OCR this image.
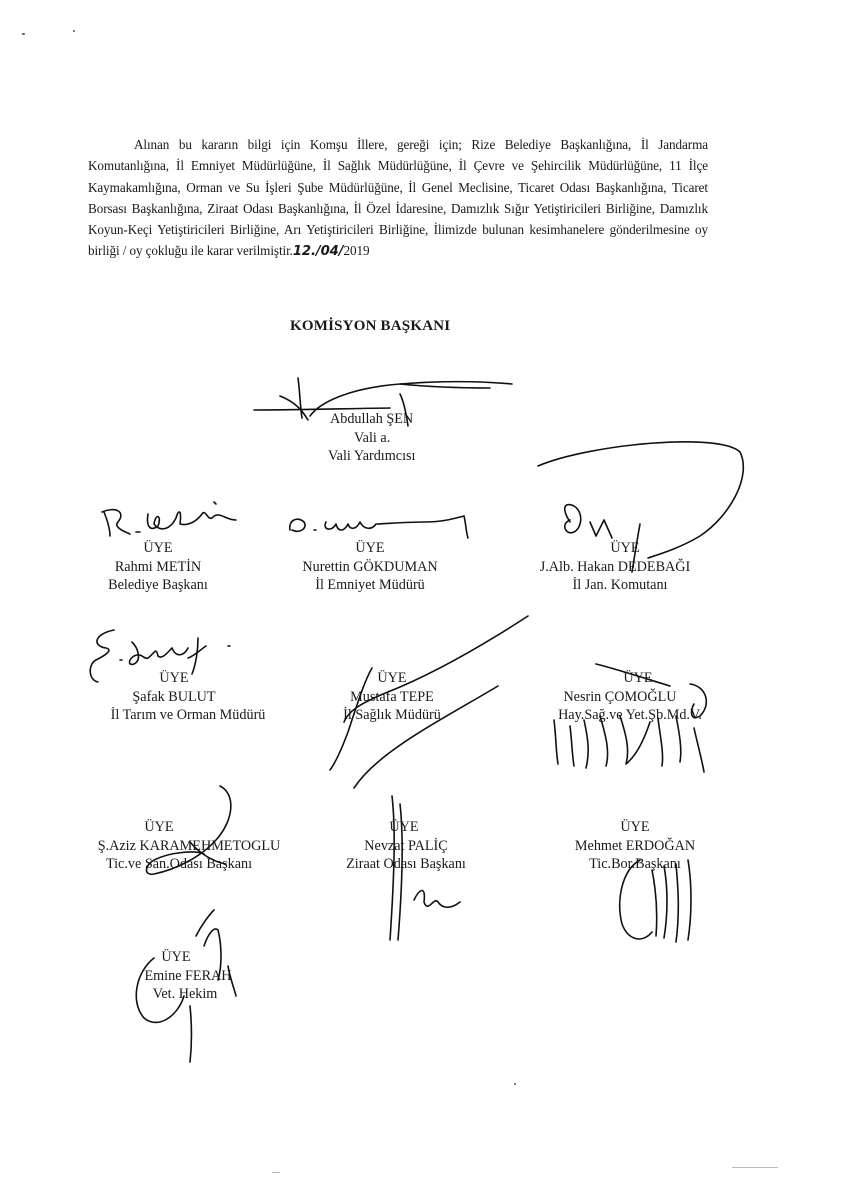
Alınan bu kararın bilgi için Komşu İllere, gereği için; Rize Belediye Başkanlığına, İl Jandarma Komutanlığına, İl Emniyet Müdürlüğüne, İl Sağlık Müdürlüğüne, İl Çevre ve Şehircilik Müdürlüğüne, 11 İlçe Kaymakamlığına, Orman ve Su İşleri Şube Müdürlüğüne, İl Genel Meclisine, Ticaret Odası Başkanlığına, Ticaret Borsası Başkanlığına, Ziraat Odası Başkanlığına, İl Özel İdaresine, Damızlık Sığır Yetiştiricileri Birliğine, Damızlık Koyun-Keçi Yetiştiricileri Birliğine, Arı Yetiştiricileri Birliğine, İlimizde bulunan kesimhanelere gönderilmesine oy birliği / oy çokluğu ile karar verilmiştir.12./04/2019
KOMİSYON BAŞKANI
Abdullah ŞEN
Vali a.
Vali Yardımcısı
ÜYE
Rahmi METİN
Belediye Başkanı
ÜYE
Nurettin GÖKDUMAN
İl Emniyet Müdürü
ÜYE
J.Alb. Hakan DEDEBAĞI
İl Jan. Komutanı
ÜYE
Şafak BULUT
İl Tarım ve Orman Müdürü
ÜYE
Mustafa TEPE
İl Sağlık Müdürü
ÜYE
Nesrin ÇOMOĞLU
Hay.Sağ.ve Yet.Şb.Md.V.
ÜYE
Ş.Aziz KARAMEHMETOGLU
Tic.ve San.Odası Başkanı
ÜYE
Nevzat PALİÇ
Ziraat Odası Başkanı
ÜYE
Mehmet ERDOĞAN
Tic.Bor.Başkanı
ÜYE
Emine FERAH
Vet. Hekim
